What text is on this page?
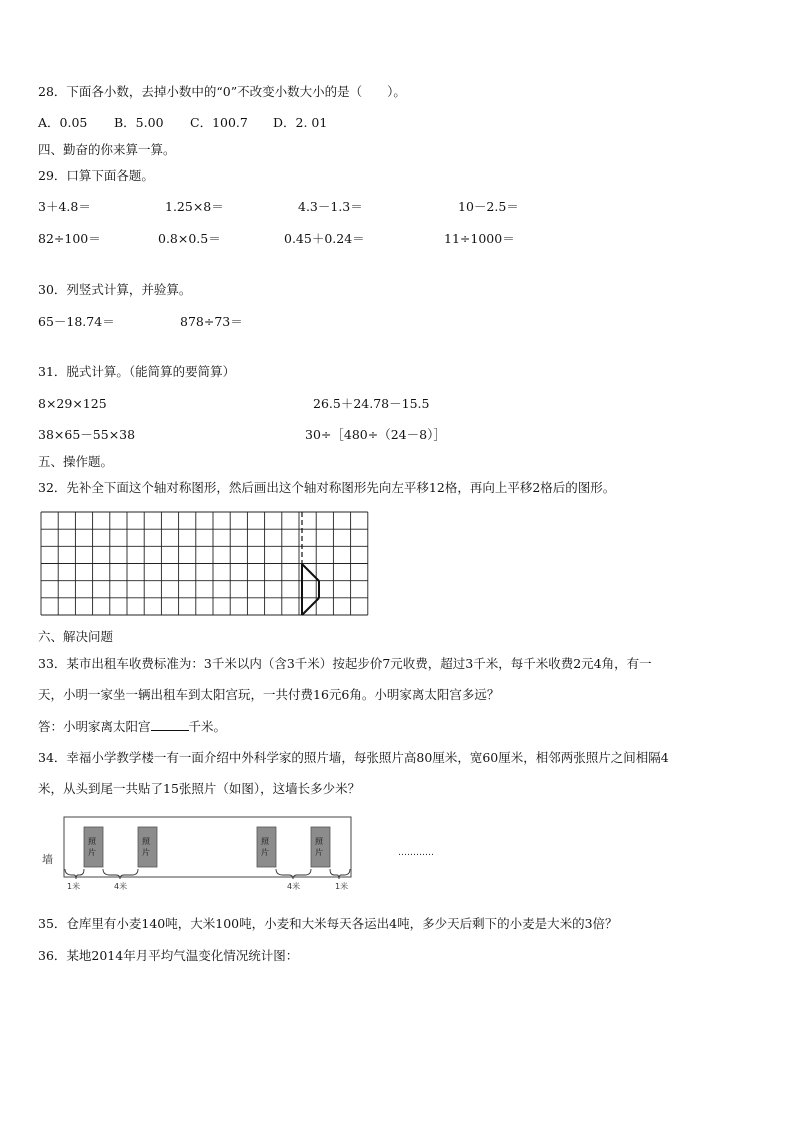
28．下面各小数，去掉小数中的“0”不改变小数大小的是（　　）。
A．0.05 B．5.00 C．100.7 D．2. 01
四、勤奋的你来算一算。
29．口算下面各题。
3＋4.8＝	1.25×8＝	4.3－1.3＝	10－2.5＝
82÷100＝	0.8×0.5＝	0.45＋0.24＝	11÷1000＝
30．列竖式计算，并验算。
65－18.74＝	878÷73＝
31．脱式计算。（能简算的要简算）
8×29×125	26.5＋24.78－15.5
38×65－55×38	30÷［480÷（24－8）］
五、操作题。
32．先补全下面这个轴对称图形，然后画出这个轴对称图形先向左平移12格，再向上平移2格后的图形。
六、解决问题
33．某市出租车收费标准为：3千米以内（含3千米）按起步价7元收费，超过3千米，每千米收费2元4角，有一
天，小明一家坐一辆出租车到太阳宫玩，一共付费16元6角。小明家离太阳宫多远？
答：小明家离太阳宫	千米。
34．幸福小学教学楼一有一面介绍中外科学家的照片墙，每张照片高80厘米，宽60厘米，相邻两张照片之间相隔4
米，从头到尾一共贴了15张照片（如图），这墙长多少米？
墙
照
片
照
片
照
片
照
片
1米	4米	4米	1米
…………
35．仓库里有小麦140吨，大米100吨，小麦和大米每天各运出4吨，多少天后剩下的小麦是大米的3倍？
36．某地2014年月平均气温变化情况统计图：
